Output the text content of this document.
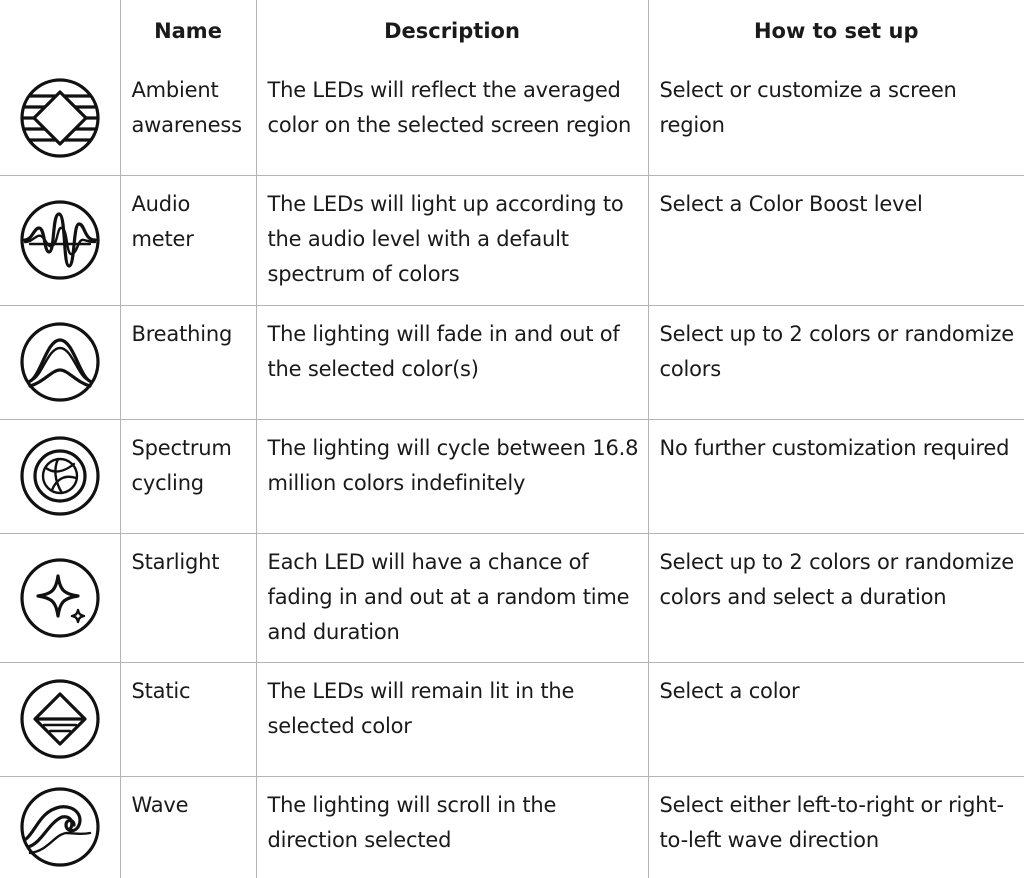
	Name	Description	How to set up

	Ambient awareness	The LEDs will reflect the averaged color on the selected screen region	Select or customize a screen region

	Audio meter	The LEDs will light up according to the audio level with a default spectrum of colors	Select a Color Boost level

	Breathing	The lighting will fade in and out of the selected color(s)	Select up to 2 colors or randomize colors

	Spectrum cycling	The lighting will cycle between 16.8 million colors indefinitely	No further customization required

	Starlight	Each LED will have a chance of fading in and out at a random time and duration	Select up to 2 colors or randomize colors and select a duration

	Static	The LEDs will remain lit in the selected color	Select a color

	Wave	The lighting will scroll in the direction selected	Select either left-to-right or right-to-left wave direction
